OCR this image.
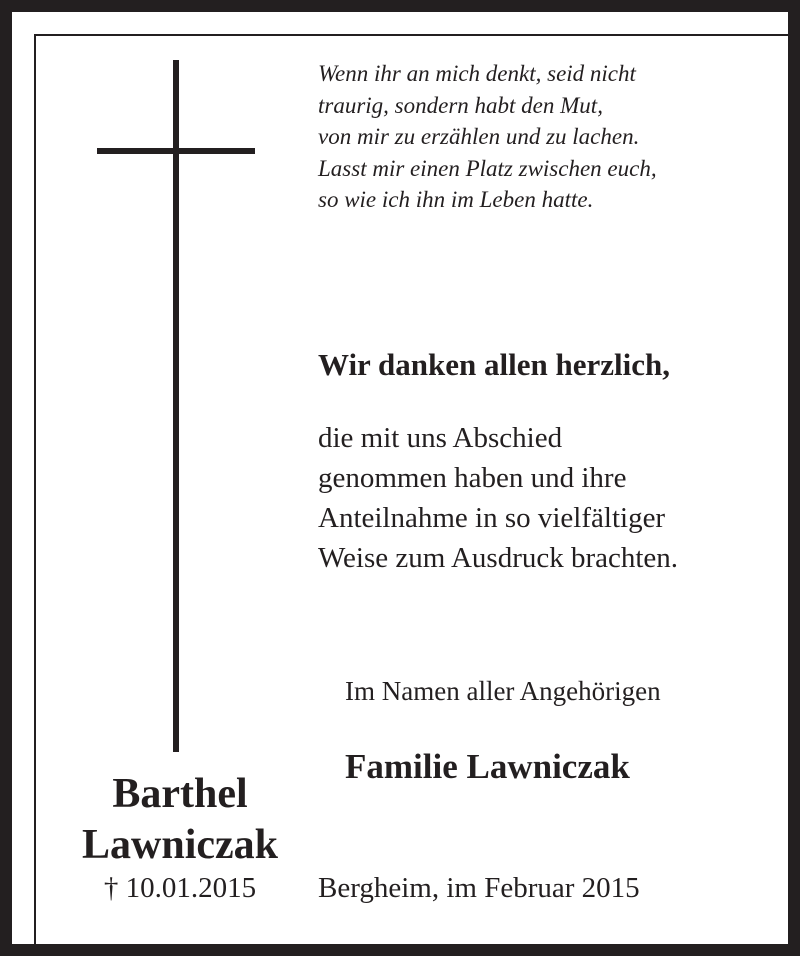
Wenn ihr an mich denkt, seid nicht
traurig, sondern habt den Mut,
von mir zu erzählen und zu lachen.
Lasst mir einen Platz zwischen euch,
so wie ich ihn im Leben hatte.
Wir danken allen herzlich,
die mit uns Abschied
genommen haben und ihre
Anteilnahme in so vielfältiger
Weise zum Ausdruck brachten.
Im Namen aller Angehörigen
Familie Lawniczak
Bergheim, im Februar 2015
Barthel
Lawniczak
† 10.01.2015
